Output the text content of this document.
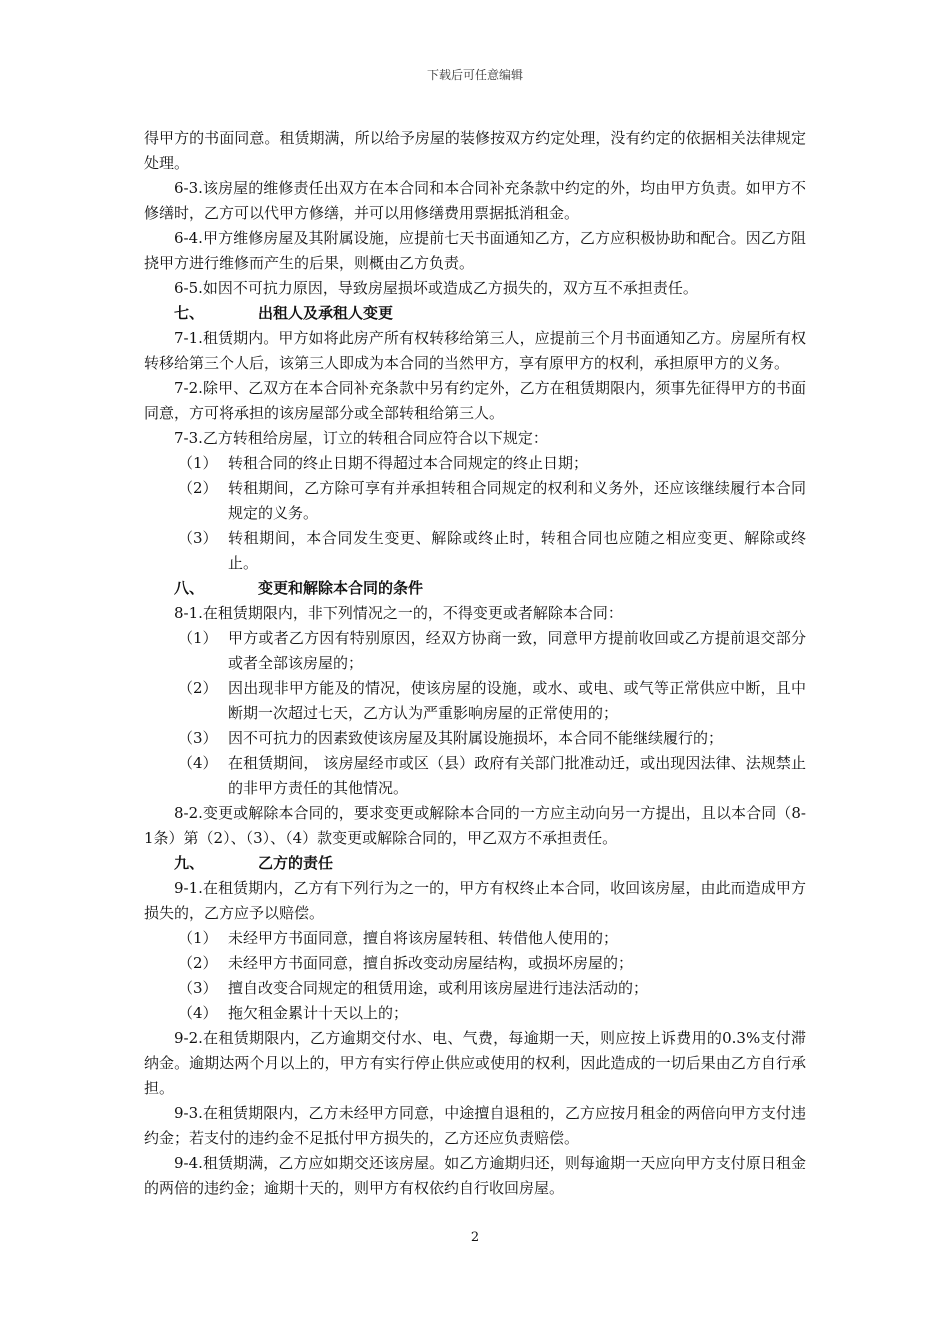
下载后可任意编辑

得甲方的书面同意。租赁期满，所以给予房屋的装修按双方约定处理，没有约定的依据相关法律规定处理。

6-3.该房屋的维修责任出双方在本合同和本合同补充条款中约定的外，均由甲方负责。如甲方不修缮时，乙方可以代甲方修缮，并可以用修缮费用票据抵消租金。

6-4.甲方维修房屋及其附属设施，应提前七天书面通知乙方，乙方应积极协助和配合。因乙方阻挠甲方进行维修而产生的后果，则概由乙方负责。

6-5.如因不可抗力原因，导致房屋损坏或造成乙方损失的，双方互不承担责任。

七、	出租人及承租人变更

7-1.租赁期内。甲方如将此房产所有权转移给第三人，应提前三个月书面通知乙方。房屋所有权转移给第三个人后，该第三人即成为本合同的当然甲方，享有原甲方的权利，承担原甲方的义务。

7-2.除甲、乙双方在本合同补充条款中另有约定外，乙方在租赁期限内，须事先征得甲方的书面同意，方可将承担的该房屋部分或全部转租给第三人。

7-3.乙方转租给房屋，订立的转租合同应符合以下规定：

（1） 转租合同的终止日期不得超过本合同规定的终止日期；
（2） 转租期间，乙方除可享有并承担转租合同规定的权利和义务外，还应该继续履行本合同规定的义务。
（3） 转租期间，本合同发生变更、解除或终止时，转租合同也应随之相应变更、解除或终止。
八、	变更和解除本合同的条件

8-1.在租赁期限内，非下列情况之一的，不得变更或者解除本合同：

（1） 甲方或者乙方因有特别原因，经双方协商一致，同意甲方提前收回或乙方提前退交部分或者全部该房屋的；
（2） 因出现非甲方能及的情况，使该房屋的设施，或水、或电、或气等正常供应中断，且中断期一次超过七天，乙方认为严重影响房屋的正常使用的；
（3） 因不可抗力的因素致使该房屋及其附属设施损坏，本合同不能继续履行的；
（4） 在租赁期间， 该房屋经市或区（县）政府有关部门批准动迁，或出现因法律、法规禁止的非甲方责任的其他情况。

8-2.变更或解除本合同的，要求变更或解除本合同的一方应主动向另一方提出，且以本合同（8-1条）第（2）、（3）、（4）款变更或解除合同的，甲乙双方不承担责任。

九、	乙方的责任

9-1.在租赁期内，乙方有下列行为之一的，甲方有权终止本合同，收回该房屋，由此而造成甲方损失的，乙方应予以赔偿。

（1） 未经甲方书面同意，擅自将该房屋转租、转借他人使用的；
（2） 未经甲方书面同意，擅自拆改变动房屋结构，或损坏房屋的；
（3） 擅自改变合同规定的租赁用途，或利用该房屋进行违法活动的；
（4） 拖欠租金累计十天以上的；

9-2.在租赁期限内，乙方逾期交付水、电、气费，每逾期一天，则应按上诉费用的0.3%支付滞纳金。逾期达两个月以上的，甲方有实行停止供应或使用的权利，因此造成的一切后果由乙方自行承担。

9-3.在租赁期限内，乙方未经甲方同意，中途擅自退租的，乙方应按月租金的两倍向甲方支付违约金；若支付的违约金不足抵付甲方损失的，乙方还应负责赔偿。

9-4.租赁期满，乙方应如期交还该房屋。如乙方逾期归还，则每逾期一天应向甲方支付原日租金的两倍的违约金；逾期十天的，则甲方有权依约自行收回房屋。

2
